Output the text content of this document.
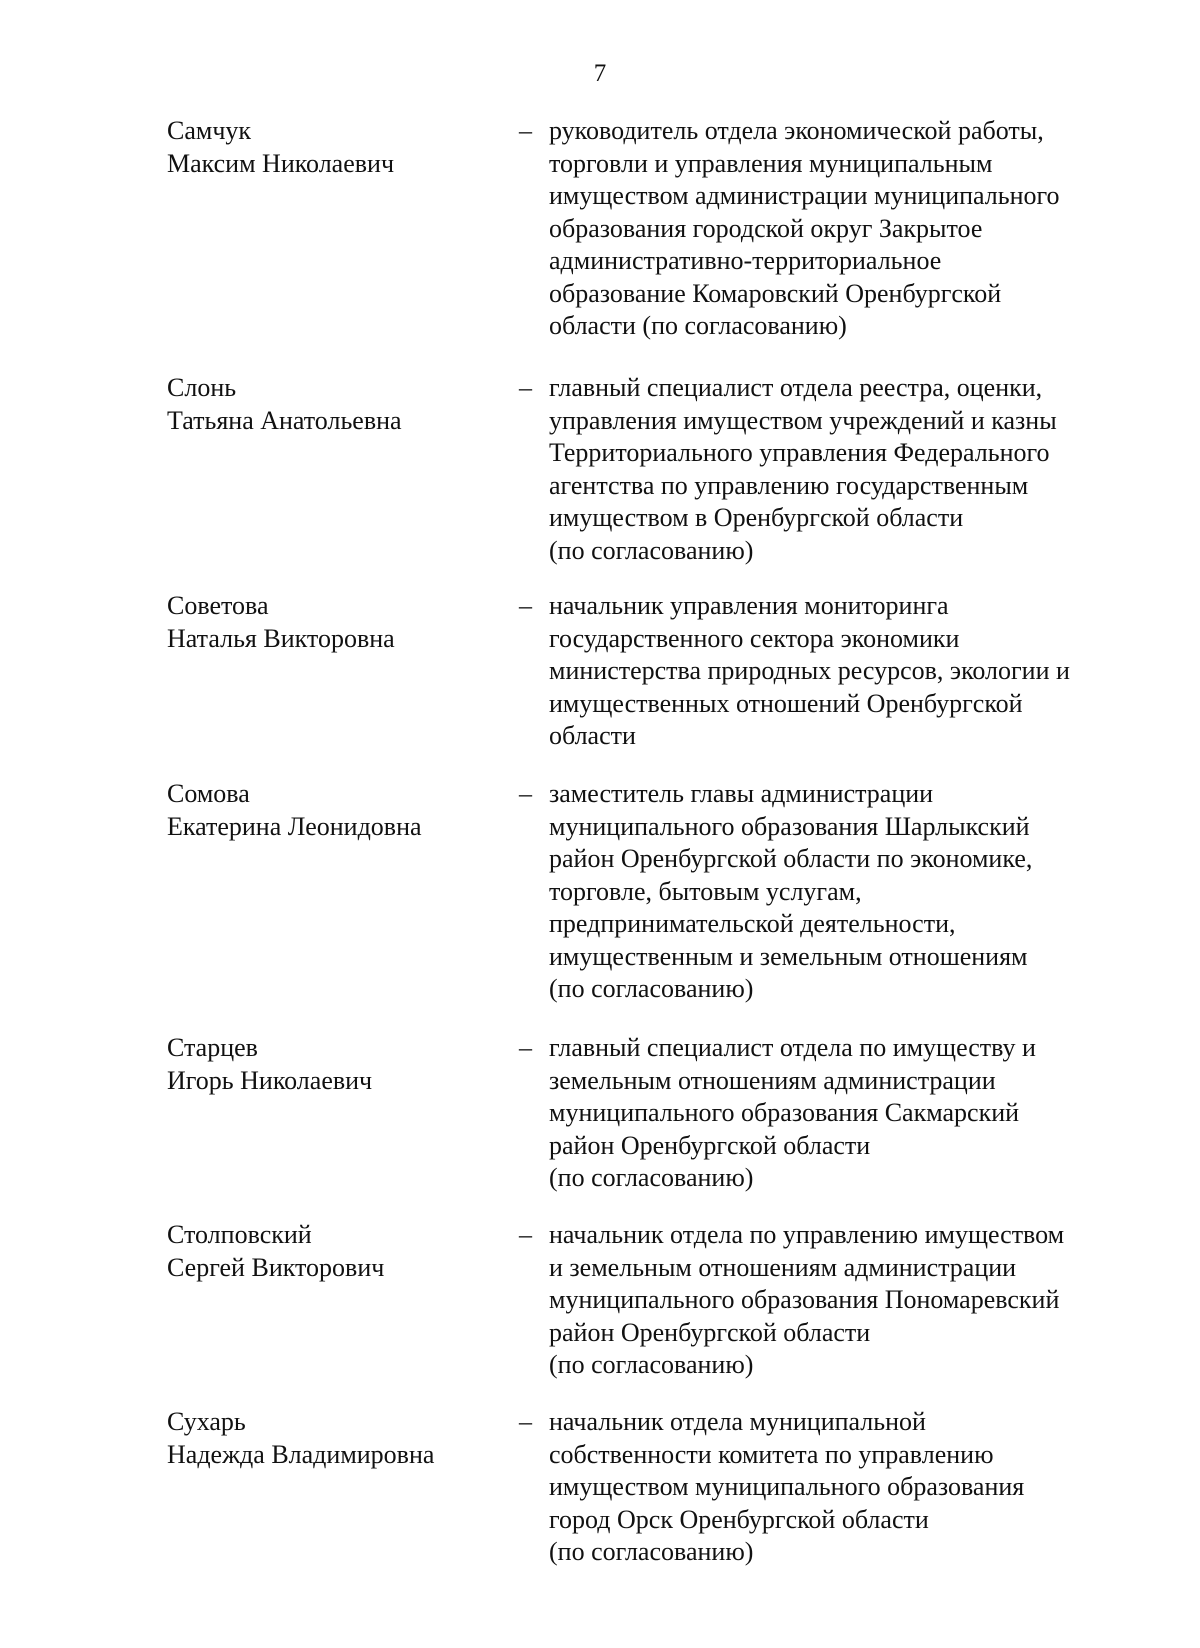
7
Самчук
Максим Николаевич
– руководитель отдела экономической работы,
торговли и управления муниципальным
имуществом администрации муниципального
образования городской округ Закрытое
административно-территориальное
образование Комаровский Оренбургской
области (по согласованию)
Слонь
Татьяна Анатольевна
– главный специалист отдела реестра, оценки,
управления имуществом учреждений и казны
Территориального управления Федерального
агентства по управлению государственным
имуществом в Оренбургской области
(по согласованию)
Советова
Наталья Викторовна
– начальник управления мониторинга
государственного сектора экономики
министерства природных ресурсов, экологии и
имущественных отношений Оренбургской
области
Сомова
Екатерина Леонидовна
– заместитель главы администрации
муниципального образования Шарлыкский
район Оренбургской области по экономике,
торговле, бытовым услугам,
предпринимательской деятельности,
имущественным и земельным отношениям
(по согласованию)
Старцев
Игорь Николаевич
– главный специалист отдела по имуществу и
земельным отношениям администрации
муниципального образования Сакмарский
район Оренбургской области
(по согласованию)
Столповский
Сергей Викторович
– начальник отдела по управлению имуществом
и земельным отношениям администрации
муниципального образования Пономаревский
район Оренбургской области
(по согласованию)
Сухарь
Надежда Владимировна
– начальник отдела муниципальной
собственности комитета по управлению
имуществом муниципального образования
город Орск Оренбургской области
(по согласованию)
